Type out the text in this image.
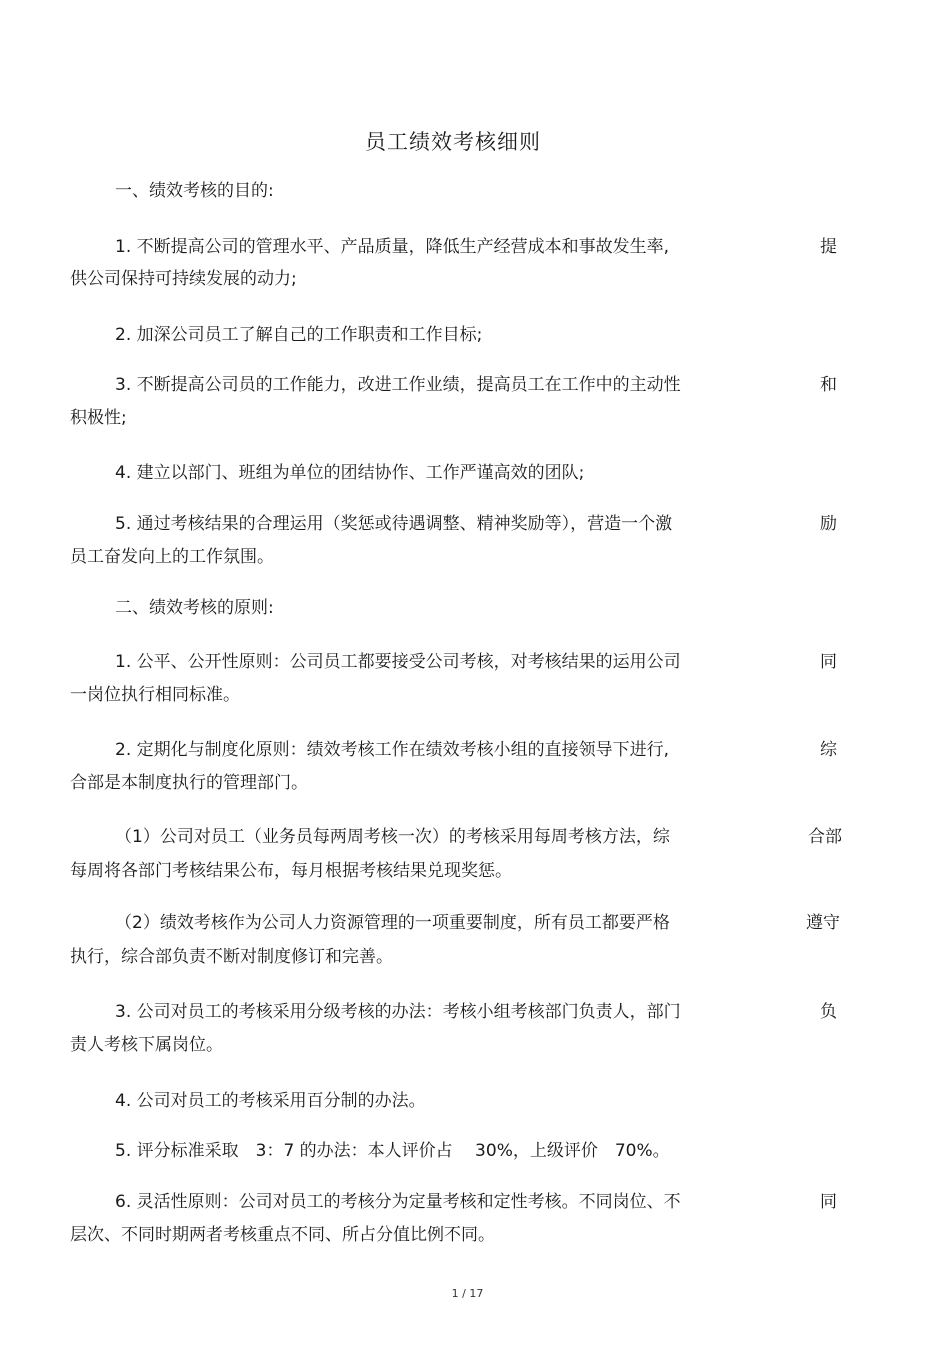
员工绩效考核细则
一、绩效考核的目的:
1. 不断提高公司的管理水平、产品质量，降低生产经营成本和事故发生率,	提
供公司保持可持续发展的动力;
2. 加深公司员工了解自己的工作职责和工作目标;
3. 不断提高公司员的工作能力，改进工作业绩，提高员工在工作中的主动性	和
积极性;
4. 建立以部门、班组为单位的团结协作、工作严谨高效的团队;
5. 通过考核结果的合理运用（奖惩或待遇调整、精神奖励等），营造一个激	励
员工奋发向上的工作氛围。
二、绩效考核的原则:
1. 公平、公开性原则：公司员工都要接受公司考核，对考核结果的运用公司	同
一岗位执行相同标准。
2. 定期化与制度化原则：绩效考核工作在绩效考核小组的直接领导下进行,	综
合部是本制度执行的管理部门。
（1）公司对员工（业务员每两周考核一次）的考核采用每周考核方法，综	合部
每周将各部门考核结果公布，每月根据考核结果兑现奖惩。
（2）绩效考核作为公司人力资源管理的一项重要制度，所有员工都要严格	遵守
执行，综合部负责不断对制度修订和完善。
3. 公司对员工的考核采用分级考核的办法：考核小组考核部门负责人，部门	负
责人考核下属岗位。
4. 公司对员工的考核采用百分制的办法。
5. 评分标准采取　3：7 的办法：本人评价占　 30%，上级评价　70%。
6. 灵活性原则：公司对员工的考核分为定量考核和定性考核。不同岗位、不	同
层次、不同时期两者考核重点不同、所占分值比例不同。
1 / 17
